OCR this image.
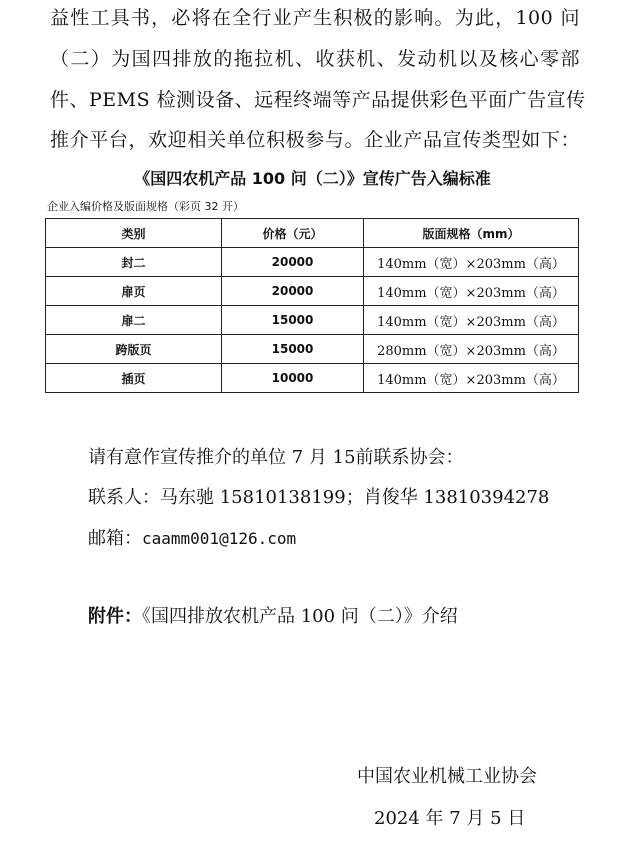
益性工具书，必将在全行业产生积极的影响。为此，100 问
（二）为国四排放的拖拉机、收获机、发动机以及核心零部
件、PEMS 检测设备、远程终端等产品提供彩色平面广告宣传
推介平台，欢迎相关单位积极参与。企业产品宣传类型如下：
《国四农机产品 100 问（二）》宣传广告入编标准
企业入编价格及版面规格（彩页 32 开）
类别	价格（元）	版面规格（mm）
封二	20000	140mm（宽）×203mm（高）
扉页	20000	140mm（宽）×203mm（高）
扉二	15000	140mm（宽）×203mm（高）
跨版页	15000	280mm（宽）×203mm（高）
插页	10000	140mm（宽）×203mm（高）
请有意作宣传推介的单位 7 月 15前联系协会：
联系人：马东驰 15810138199；肖俊华 13810394278
邮箱：caamm001@126.com
附件：《国四排放农机产品 100 问（二）》介绍
中国农业机械工业协会
2024 年 7 月 5 日
